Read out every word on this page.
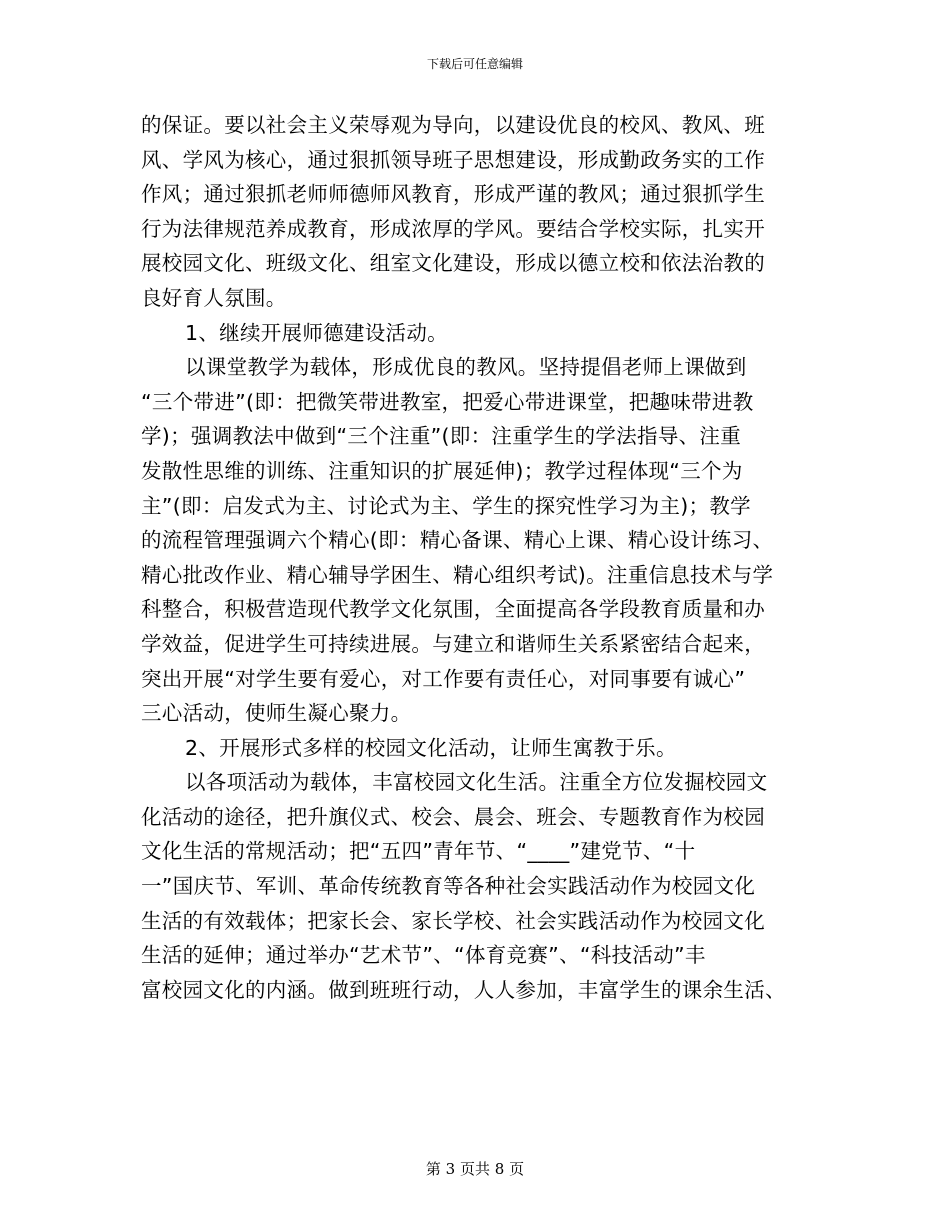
下载后可任意编辑
的保证。要以社会主义荣辱观为导向，以建设优良的校风、教风、班
风、学风为核心，通过狠抓领导班子思想建设，形成勤政务实的工作
作风；通过狠抓老师师德师风教育，形成严谨的教风；通过狠抓学生
行为法律规范养成教育，形成浓厚的学风。要结合学校实际，扎实开
展校园文化、班级文化、组室文化建设，形成以德立校和依法治教的
良好育人氛围。
1、继续开展师德建设活动。
以课堂教学为载体，形成优良的教风。坚持提倡老师上课做到
“三个带进”(即：把微笑带进教室，把爱心带进课堂，把趣味带进教
学)；强调教法中做到“三个注重”(即：注重学生的学法指导、注重
发散性思维的训练、注重知识的扩展延伸)；教学过程体现“三个为
主”(即：启发式为主、讨论式为主、学生的探究性学习为主)；教学
的流程管理强调六个精心(即：精心备课、精心上课、精心设计练习、
精心批改作业、精心辅导学困生、精心组织考试)。注重信息技术与学
科整合，积极营造现代教学文化氛围，全面提高各学段教育质量和办
学效益，促进学生可持续进展。与建立和谐师生关系紧密结合起来，
突出开展“对学生要有爱心，对工作要有责任心，对同事要有诚心”
三心活动，使师生凝心聚力。
2、开展形式多样的校园文化活动，让师生寓教于乐。
以各项活动为载体，丰富校园文化生活。注重全方位发掘校园文
化活动的途径，把升旗仪式、校会、晨会、班会、专题教育作为校园
文化生活的常规活动；把“五四”青年节、“____”建党节、“十
一”国庆节、军训、革命传统教育等各种社会实践活动作为校园文化
生活的有效载体；把家长会、家长学校、社会实践活动作为校园文化
生活的延伸；通过举办“艺术节”、“体育竞赛”、“科技活动”丰
富校园文化的内涵。做到班班行动，人人参加，丰富学生的课余生活、
第 3 页共 8 页
